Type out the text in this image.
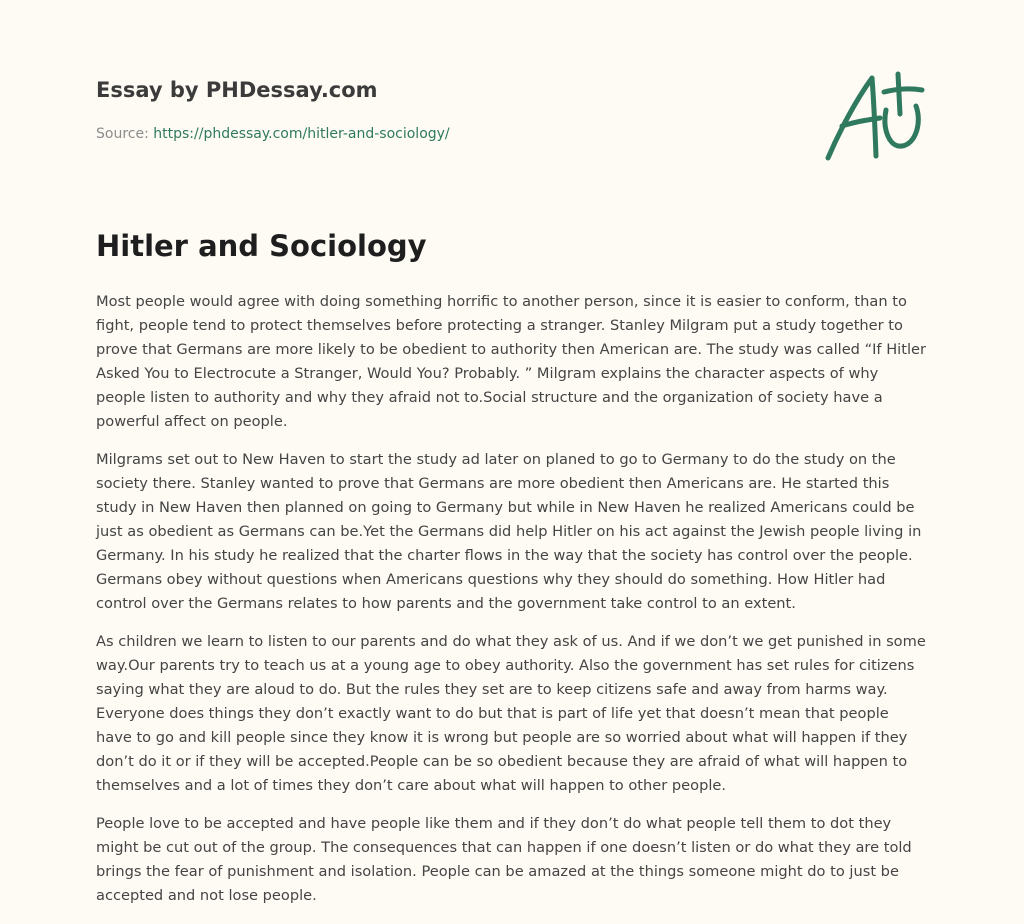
Essay by PHDessay.com
Source: https://phdessay.com/hitler-and-sociology/
Hitler and Sociology

Most people would agree with doing something horrific to another person, since it is easier to conform, than to fight, people tend to protect themselves before protecting a stranger. Stanley Milgram put a study together to prove that Germans are more likely to be obedient to authority then American are. The study was called “If Hitler Asked You to Electrocute a Stranger, Would You? Probably. ” Milgram explains the character aspects of why people listen to authority and why they afraid not to.Social structure and the organization of society have a powerful affect on people.

Milgrams set out to New Haven to start the study ad later on planed to go to Germany to do the study on the society there. Stanley wanted to prove that Germans are more obedient then Americans are. He started this study in New Haven then planned on going to Germany but while in New Haven he realized Americans could be just as obedient as Germans can be.Yet the Germans did help Hitler on his act against the Jewish people living in Germany. In his study he realized that the charter flows in the way that the society has control over the people. Germans obey without questions when Americans questions why they should do something. How Hitler had control over the Germans relates to how parents and the government take control to an extent.

As children we learn to listen to our parents and do what they ask of us. And if we don’t we get punished in some way.Our parents try to teach us at a young age to obey authority. Also the government has set rules for citizens saying what they are aloud to do. But the rules they set are to keep citizens safe and away from harms way. Everyone does things they don’t exactly want to do but that is part of life yet that doesn’t mean that people have to go and kill people since they know it is wrong but people are so worried about what will happen if they don’t do it or if they will be accepted.People can be so obedient because they are afraid of what will happen to themselves and a lot of times they don’t care about what will happen to other people.

People love to be accepted and have people like them and if they don’t do what people tell them to dot they might be cut out of the group. The consequences that can happen if one doesn’t listen or do what they are told brings the fear of punishment and isolation. People can be amazed at the things someone might do to just be accepted and not lose people.
